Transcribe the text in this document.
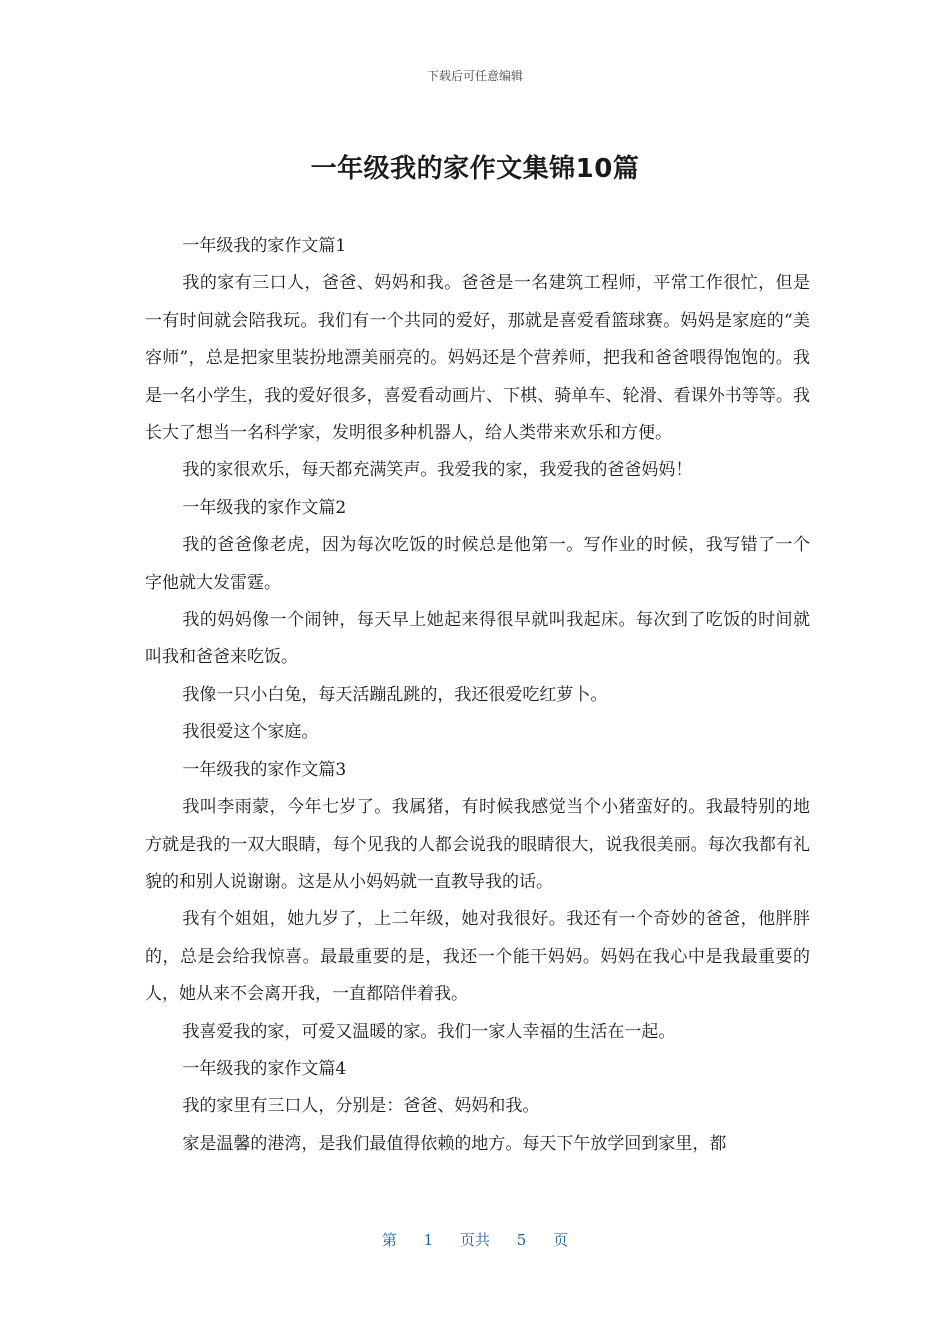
下载后可任意编辑
一年级我的家作文集锦10篇

一年级我的家作文篇1

我的家有三口人，爸爸、妈妈和我。爸爸是一名建筑工程师，平常工作很忙，但是一有时间就会陪我玩。我们有一个共同的爱好，那就是喜爱看篮球赛。妈妈是家庭的“美容师”，总是把家里装扮地漂美丽亮的。妈妈还是个营养师，把我和爸爸喂得饱饱的。我是一名小学生，我的爱好很多，喜爱看动画片、下棋、骑单车、轮滑、看课外书等等。我长大了想当一名科学家，发明很多种机器人，给人类带来欢乐和方便。

我的家很欢乐，每天都充满笑声。我爱我的家，我爱我的爸爸妈妈！

一年级我的家作文篇2

我的爸爸像老虎，因为每次吃饭的时候总是他第一。写作业的时候，我写错了一个字他就大发雷霆。

我的妈妈像一个闹钟，每天早上她起来得很早就叫我起床。每次到了吃饭的时间就叫我和爸爸来吃饭。

我像一只小白兔，每天活蹦乱跳的，我还很爱吃红萝卜。

我很爱这个家庭。

一年级我的家作文篇3

我叫李雨蒙，今年七岁了。我属猪，有时候我感觉当个小猪蛮好的。我最特别的地方就是我的一双大眼睛，每个见我的人都会说我的眼睛很大，说我很美丽。每次我都有礼貌的和别人说谢谢。这是从小妈妈就一直教导我的话。

我有个姐姐，她九岁了，上二年级，她对我很好。我还有一个奇妙的爸爸，他胖胖的，总是会给我惊喜。最最重要的是，我还一个能干妈妈。妈妈在我心中是我最重要的人，她从来不会离开我，一直都陪伴着我。

我喜爱我的家，可爱又温暖的家。我们一家人幸福的生活在一起。

一年级我的家作文篇4

我的家里有三口人，分别是：爸爸、妈妈和我。

家是温馨的港湾，是我们最值得依赖的地方。每天下午放学回到家里，都

第 1 页共 5 页
